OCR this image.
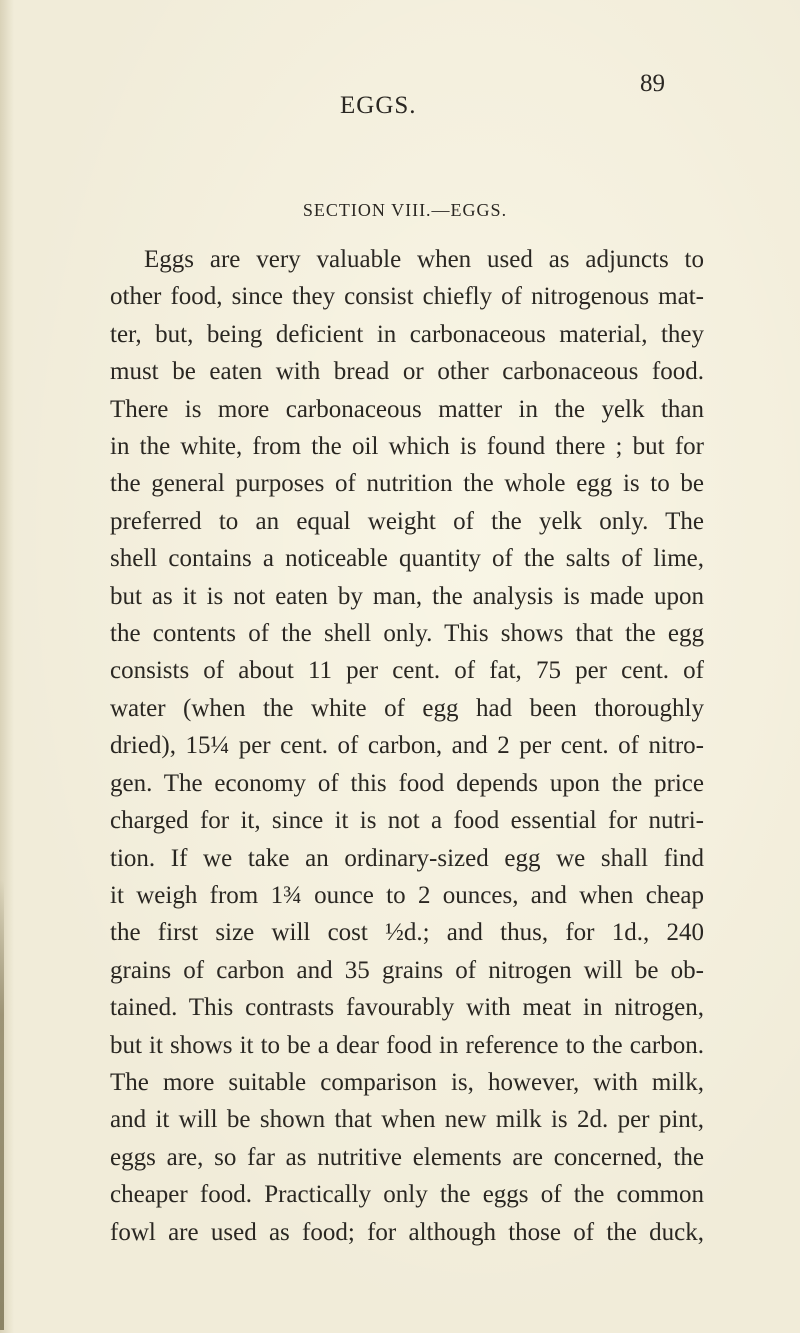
EGGS.
89
SECTION VIII.—EGGS.
Eggs are very valuable when used as adjuncts to
other food, since they consist chiefly of nitrogenous mat-
ter, but, being deficient in carbonaceous material, they
must be eaten with bread or other carbonaceous food.
There is more carbonaceous matter in the yelk than
in the white, from the oil which is found there ; but for
the general purposes of nutrition the whole egg is to be
preferred to an equal weight of the yelk only. The
shell contains a noticeable quantity of the salts of lime,
but as it is not eaten by man, the analysis is made upon
the contents of the shell only. This shows that the egg
consists of about 11 per cent. of fat, 75 per cent. of
water (when the white of egg had been thoroughly
dried), 15¼ per cent. of carbon, and 2 per cent. of nitro-
gen. The economy of this food depends upon the price
charged for it, since it is not a food essential for nutri-
tion. If we take an ordinary-sized egg we shall find
it weigh from 1¾ ounce to 2 ounces, and when cheap
the first size will cost ½d.; and thus, for 1d., 240
grains of carbon and 35 grains of nitrogen will be ob-
tained. This contrasts favourably with meat in nitrogen,
but it shows it to be a dear food in reference to the carbon.
The more suitable comparison is, however, with milk,
and it will be shown that when new milk is 2d. per pint,
eggs are, so far as nutritive elements are concerned, the
cheaper food. Practically only the eggs of the common
fowl are used as food; for although those of the duck,
